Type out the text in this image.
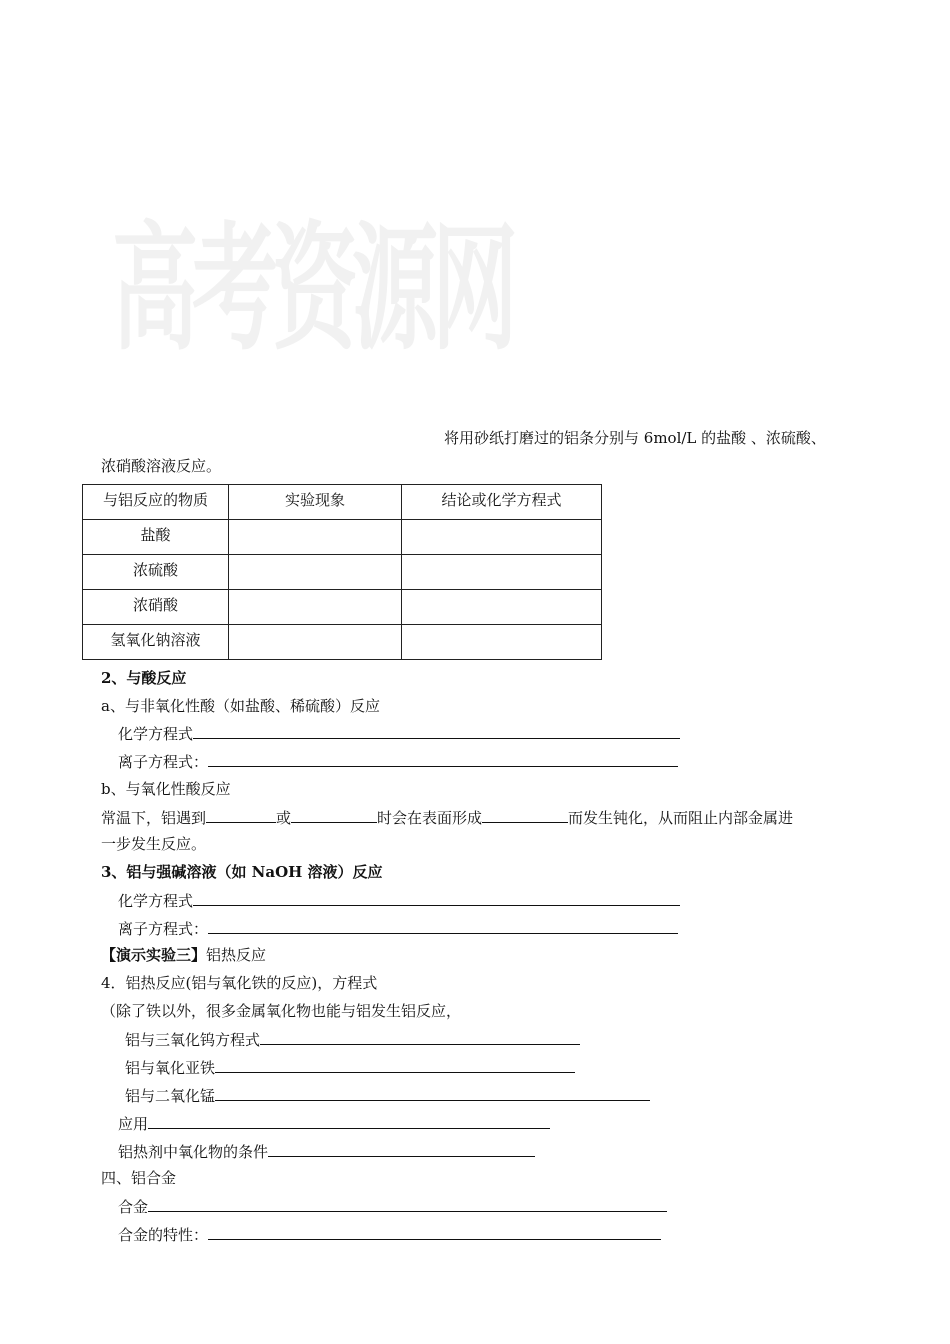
高考资源网
将用砂纸打磨过的铝条分别与 6mol/L 的盐酸 、浓硫酸、
浓硝酸溶液反应。
与铝反应的物质	实验现象	结论或化学方程式
盐酸		
浓硫酸		
浓硝酸		
氢氧化钠溶液		
2、与酸反应
a、与非氧化性酸（如盐酸、稀硫酸）反应
化学方程式
离子方程式：
b、与氧化性酸反应
常温下，铝遇到	或	时会在表面形成	而发生钝化，从而阻止内部金属进
一步发生反应。
3、铝与强碱溶液（如 NaOH 溶液）反应
化学方程式
离子方程式：
【演示实验三】铝热反应
4．铝热反应(铝与氧化铁的反应)，方程式
（除了铁以外，很多金属氧化物也能与铝发生铝反应，
铝与三氧化钨方程式
铝与氧化亚铁
铝与二氧化锰
应用
铝热剂中氧化物的条件
四、铝合金
合金
合金的特性：
